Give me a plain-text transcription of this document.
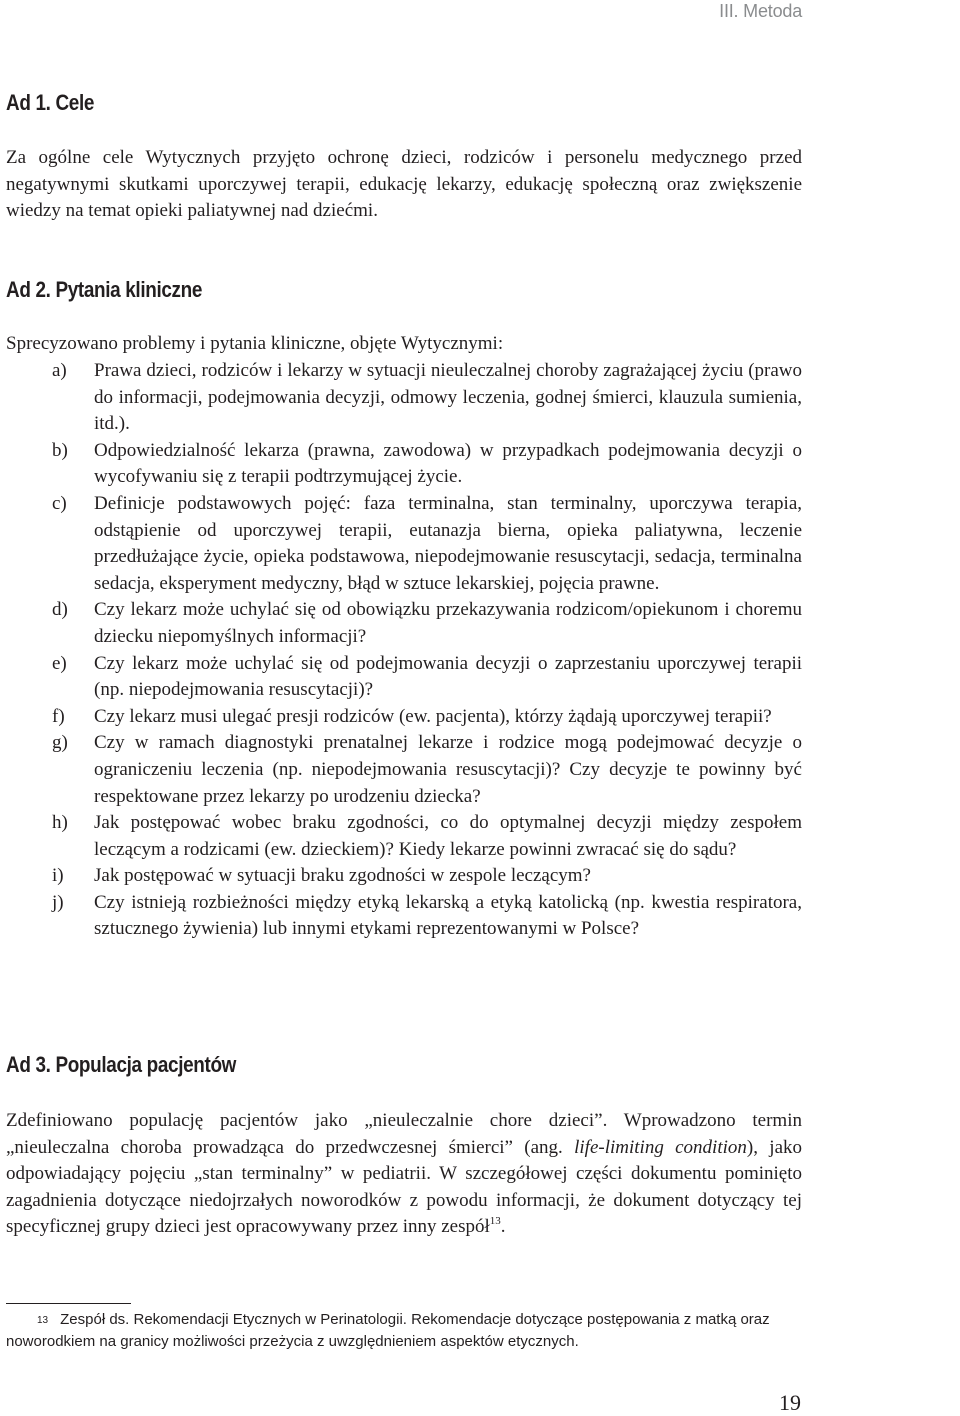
III. Metoda
Ad 1. Cele

Za ogólne cele Wytycznych przyjęto ochronę dzieci, rodziców i personelu medycznego przed negatywnymi skutkami uporczywej terapii, edukację lekarzy, edukację społeczną oraz zwiększenie wiedzy na temat opieki paliatywnej nad dziećmi.

Ad 2. Pytania kliniczne

Sprecyzowano problemy i pytania kliniczne, objęte Wytycznymi:

a) Prawa dzieci, rodziców i lekarzy w sytuacji nieuleczalnej choroby zagrażającej życiu (prawo do informacji, podejmowania decyzji, odmowy leczenia, godnej śmierci, klauzula sumienia, itd.).
b) Odpowiedzialność lekarza (prawna, zawodowa) w przypadkach podejmowania decyzji o wycofywaniu się z terapii podtrzymującej życie.
c) Definicje podstawowych pojęć: faza terminalna, stan terminalny, uporczywa terapia, odstąpienie od uporczywej terapii, eutanazja bierna, opieka paliatywna, leczenie przedłużające życie, opieka podstawowa, niepodejmowanie resuscytacji, sedacja, terminalna sedacja, eksperyment medyczny, błąd w sztuce lekarskiej, pojęcia prawne.
d) Czy lekarz może uchylać się od obowiązku przekazywania rodzicom/opiekunom i choremu dziecku niepomyślnych informacji?
e) Czy lekarz może uchylać się od podejmowania decyzji o zaprzestaniu uporczywej terapii (np. niepodejmowania resuscytacji)?
f) Czy lekarz musi ulegać presji rodziców (ew. pacjenta), którzy żądają uporczywej terapii?
g) Czy w ramach diagnostyki prenatalnej lekarze i rodzice mogą podejmować decyzje o ograniczeniu leczenia (np. niepodejmowania resuscytacji)? Czy decyzje te powinny być respektowane przez lekarzy po urodzeniu dziecka?
h) Jak postępować wobec braku zgodności, co do optymalnej decyzji między zespołem leczącym a rodzicami (ew. dzieckiem)? Kiedy lekarze powinni zwracać się do sądu?
i) Jak postępować w sytuacji braku zgodności w zespole leczącym?
j) Czy istnieją rozbieżności między etyką lekarską a etyką katolicką (np. kwestia respiratora, sztucznego żywienia) lub innymi etykami reprezentowanymi w Polsce?
Ad 3. Populacja pacjentów

Zdefiniowano populację pacjentów jako „nieuleczalnie chore dzieci”. Wprowadzono termin „nieuleczalna choroba prowadząca do przedwczesnej śmierci” (ang. life-limiting condition), jako odpowiadający pojęciu „stan terminalny” w pediatrii. W szczegółowej części dokumentu pominięto zagadnienia dotyczące niedojrzałych noworodków z powodu informacji, że dokument dotyczący tej specyficznej grupy dzieci jest opracowywany przez inny zespół$^{13}$.

$^{13}$ Zespół ds. Rekomendacji Etycznych w Perinatologii. Rekomendacje dotyczące postępowania z matką oraz noworodkiem na granicy możliwości przeżycia z uwzględnieniem aspektów etycznych.

19
